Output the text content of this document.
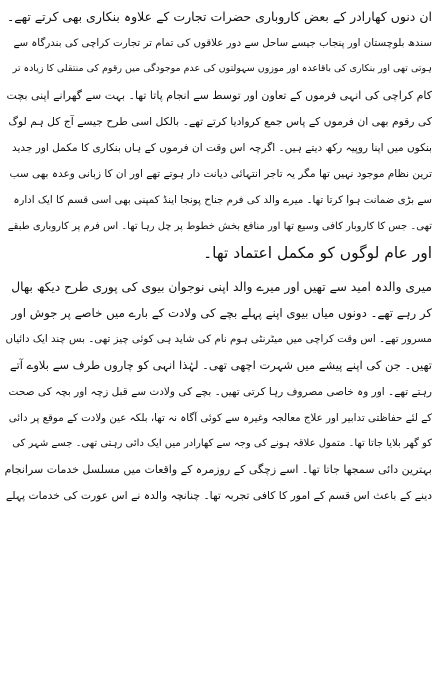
ان دنوں کھارادر کے بعض کاروباری حضرات تجارت کے علاوہ بنکاری بھی کرتے تھے۔
سندھ بلوچستان اور پنجاب جیسے ساحل سے دور علاقوں کی تمام تر تجارت کراچی کی بندرگاہ سے
ہوتی تھی اور بنکاری کی باقاعدہ اور موزوں سہولتوں کی عدم موجودگی میں رقوم کی منتقلی کا زیادہ تر
کام کراچی کی انہی فرموں کے تعاون اور توسط سے انجام پاتا تھا۔ بہت سے گھرانے اپنی بچت
کی رقوم بھی ان فرموں کے پاس جمع کروادیا کرتے تھے۔ بالکل اسی طرح جیسے آج کل ہم لوگ
بنکوں میں اپنا روپیہ رکھ دیتے ہیں۔ اگرچہ اس وقت ان فرموں کے ہاں بنکاری کا مکمل اور جدید
ترین نظام موجود نہیں تھا مگر یہ تاجر انتہائی دیانت دار ہوتے تھے اور ان کا زبانی وعدہ بھی سب
سے بڑی ضمانت ہوا کرتا تھا۔ میرے والد کی فرم جناح پونجا اینڈ کمپنی بھی اسی قسم کا ایک ادارہ
تھی۔ جس کا کاروبار کافی وسیع تھا اور منافع بخش خطوط پر چل رہا تھا۔ اس فرم پر کاروباری طبقے
اور عام لوگوں کو مکمل اعتماد تھا۔
میری والدہ امید سے تھیں اور میرے والد اپنی نوجوان بیوی کی پوری طرح دیکھ بھال
کر رہے تھے۔ دونوں میاں بیوی اپنے پہلے بچے کی ولادت کے بارے میں خاصے پر جوش اور
مسرور تھے۔ اس وقت کراچی میں میٹرنٹی ہوم نام کی شاید ہی کوئی چیز تھی۔ بس چند ایک دائیاں
تھیں۔ جن کی اپنے پیشے میں شہرت اچھی تھی۔ لہٰذا انہی کو چاروں طرف سے بلاوے آتے
رہتے تھے۔ اور وہ خاصی مصروف رہا کرتی تھیں۔ بچے کی ولادت سے قبل زچہ اور بچہ کی صحت
کے لئے حفاظتی تدابیر اور علاج معالجہ وغیرہ سے کوئی آگاہ نہ تھا، بلکہ عین ولادت کے موقع پر دائی
کو گھر بلایا جاتا تھا۔ متمول علاقہ ہونے کی وجہ سے کھارادر میں ایک دائی رہتی تھی۔ جسے شہر کی
بہترین دائی سمجھا جاتا تھا۔ اسے زچگی کے روزمرہ کے واقعات میں مسلسل خدمات سرانجام
دینے کے باعث اس قسم کے امور کا کافی تجربہ تھا۔ چنانچہ والدہ نے اس عورت کی خدمات پہلے
